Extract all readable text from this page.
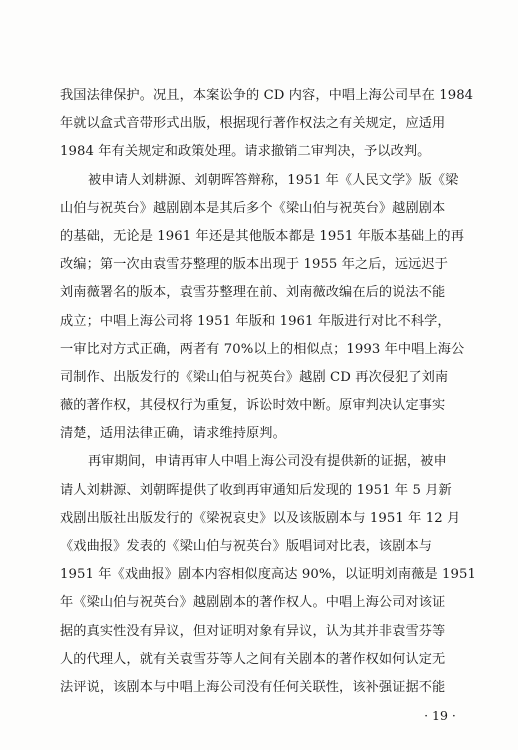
我国法律保护。况且，本案讼争的 CD 内容，中唱上海公司早在 1984
年就以盒式音带形式出版，根据现行著作权法之有关规定，应适用
1984 年有关规定和政策处理。请求撤销二审判决，予以改判。
被申请人刘耕源、刘朝晖答辩称，1951 年《人民文学》版《梁
山伯与祝英台》越剧剧本是其后多个《梁山伯与祝英台》越剧剧本
的基础，无论是 1961 年还是其他版本都是 1951 年版本基础上的再
改编；第一次由袁雪芬整理的版本出现于 1955 年之后，远远迟于
刘南薇署名的版本，袁雪芬整理在前、刘南薇改编在后的说法不能
成立；中唱上海公司将 1951 年版和 1961 年版进行对比不科学，
一审比对方式正确，两者有 70%以上的相似点；1993 年中唱上海公
司制作、出版发行的《梁山伯与祝英台》越剧 CD 再次侵犯了刘南
薇的著作权，其侵权行为重复，诉讼时效中断。原审判决认定事实
清楚，适用法律正确，请求维持原判。
再审期间，申请再审人中唱上海公司没有提供新的证据，被申
请人刘耕源、刘朝晖提供了收到再审通知后发现的 1951 年 5 月新
戏剧出版社出版发行的《梁祝哀史》以及该版剧本与 1951 年 12 月
《戏曲报》发表的《梁山伯与祝英台》版唱词对比表，该剧本与
1951 年《戏曲报》剧本内容相似度高达 90%，以证明刘南薇是 1951
年《梁山伯与祝英台》越剧剧本的著作权人。中唱上海公司对该证
据的真实性没有异议，但对证明对象有异议，认为其并非袁雪芬等
人的代理人，就有关袁雪芬等人之间有关剧本的著作权如何认定无
法评说，该剧本与中唱上海公司没有任何关联性，该补强证据不能
· 19 ·
